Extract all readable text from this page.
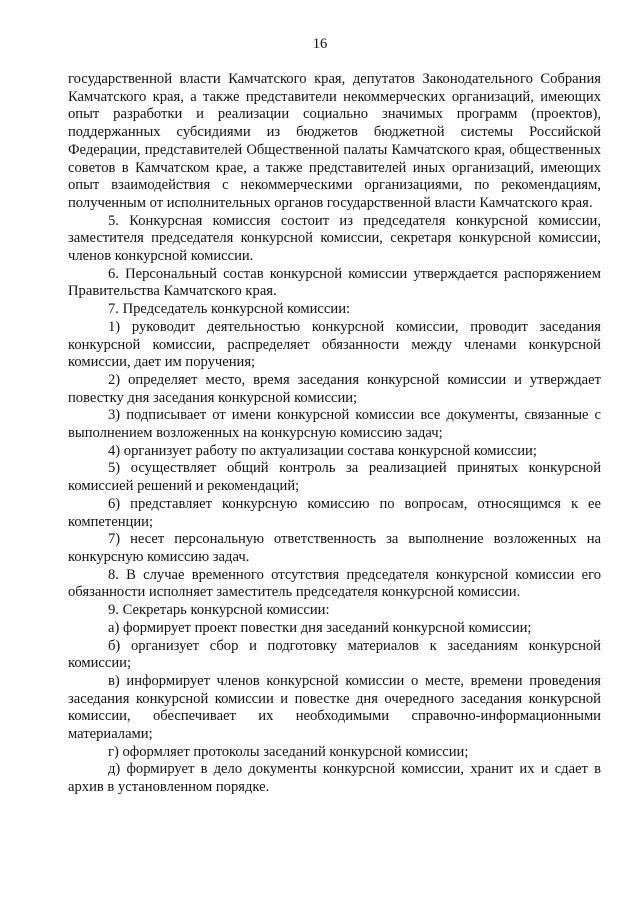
16

государственной власти Камчатского края, депутатов Законодательного Собрания Камчатского края, а также представители некоммерческих организаций, имеющих опыт разработки и реализации социально значимых программ (проектов), поддержанных субсидиями из бюджетов бюджетной системы Российской Федерации, представителей Общественной палаты Камчатского края, общественных советов в Камчатском крае, а также представителей иных организаций, имеющих опыт взаимодействия с некоммерческими организациями, по рекомендациям, полученным от исполнительных органов государственной власти Камчатского края.

5. Конкурсная комиссия состоит из председателя конкурсной комиссии, заместителя председателя конкурсной комиссии, секретаря конкурсной комиссии, членов конкурсной комиссии.

6. Персональный состав конкурсной комиссии утверждается распоряжением Правительства Камчатского края.

7. Председатель конкурсной комиссии:

1) руководит деятельностью конкурсной комиссии, проводит заседания конкурсной комиссии, распределяет обязанности между членами конкурсной комиссии, дает им поручения;

2) определяет место, время заседания конкурсной комиссии и утверждает повестку дня заседания конкурсной комиссии;

3) подписывает от имени конкурсной комиссии все документы, связанные с выполнением возложенных на конкурсную комиссию задач;

4) организует работу по актуализации состава конкурсной комиссии;

5) осуществляет общий контроль за реализацией принятых конкурсной комиссией решений и рекомендаций;

6) представляет конкурсную комиссию по вопросам, относящимся к ее компетенции;

7) несет персональную ответственность за выполнение возложенных на конкурсную комиссию задач.

8. В случае временного отсутствия председателя конкурсной комиссии его обязанности исполняет заместитель председателя конкурсной комиссии.

9. Секретарь конкурсной комиссии:

а) формирует проект повестки дня заседаний конкурсной комиссии;

б) организует сбор и подготовку материалов к заседаниям конкурсной комиссии;

в) информирует членов конкурсной комиссии о месте, времени проведения заседания конкурсной комиссии и повестке дня очередного заседания конкурсной комиссии, обеспечивает их необходимыми справочно-информационными материалами;

г) оформляет протоколы заседаний конкурсной комиссии;

д) формирует в дело документы конкурсной комиссии, хранит их и сдает в архив в установленном порядке.
